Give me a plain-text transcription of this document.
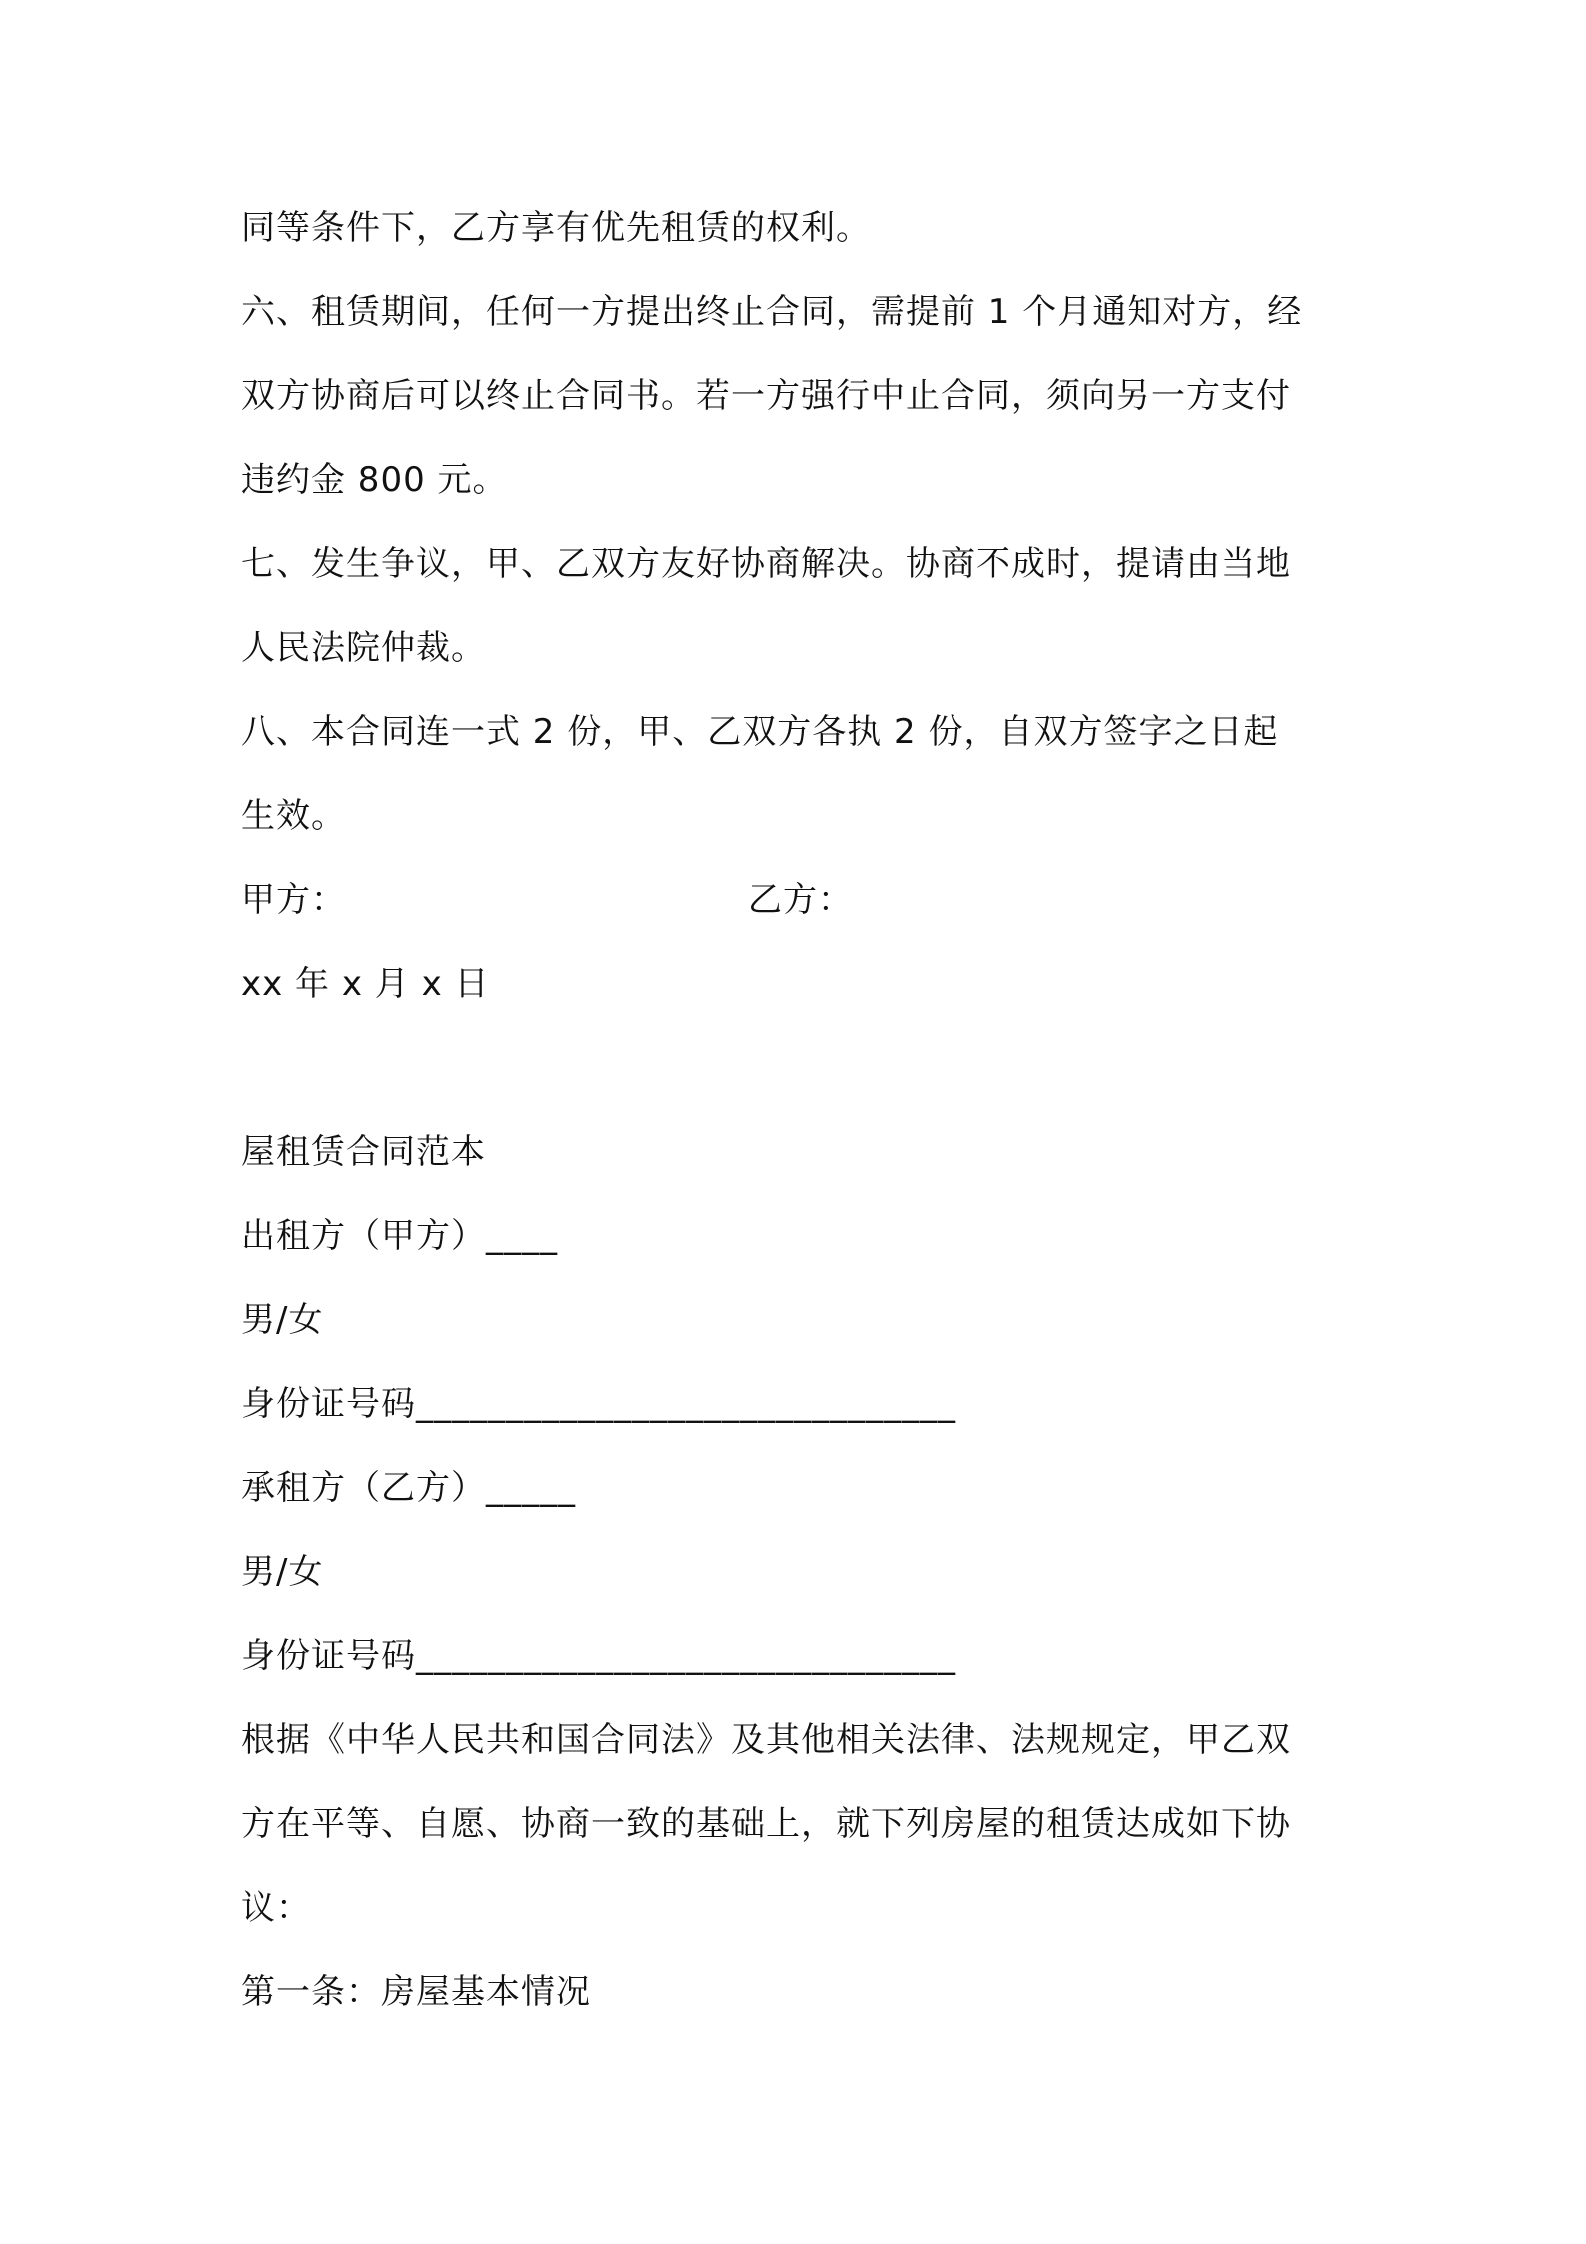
同等条件下，乙方享有优先租赁的权利。
六、租赁期间，任何一方提出终止合同，需提前 1 个月通知对方，经
双方协商后可以终止合同书。若一方强行中止合同，须向另一方支付
违约金 800 元。
七、发生争议，甲、乙双方友好协商解决。协商不成时，提请由当地
人民法院仲裁。
八、本合同连一式 2 份，甲、乙双方各执 2 份，自双方签字之日起
生效。
甲方：	乙方：
xx 年 x 月 x 日
屋租赁合同范本
出租方（甲方）____
男/女
身份证号码______________________________
承租方（乙方）_____
男/女
身份证号码______________________________
根据《中华人民共和国合同法》及其他相关法律、法规规定，甲乙双
方在平等、自愿、协商一致的基础上，就下列房屋的租赁达成如下协
议：
第一条：房屋基本情况
